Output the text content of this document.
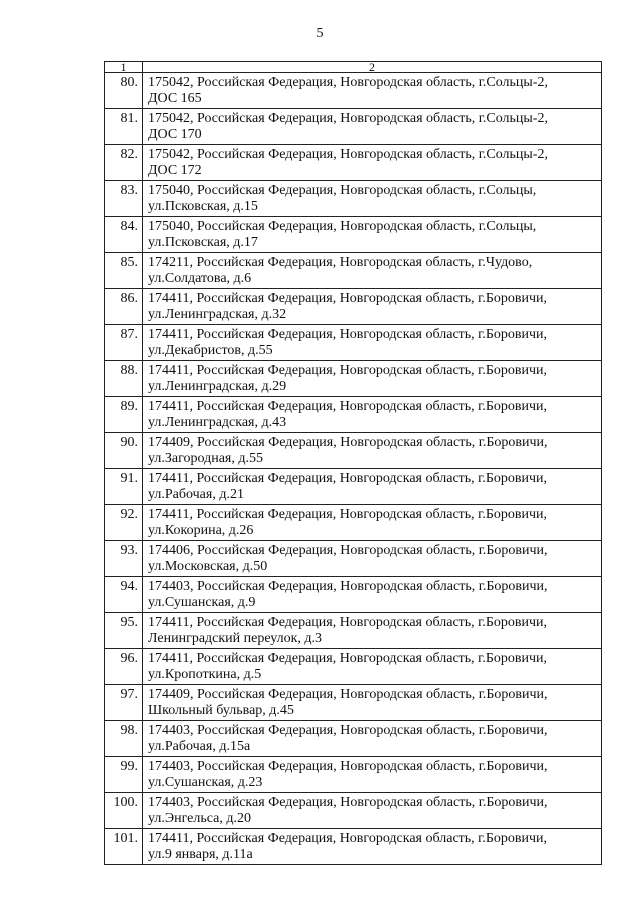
5
1	2
80.	175042, Российская Федерация, Новгородская область, г.Сольцы-2,
ДОС 165

81.	175042, Российская Федерация, Новгородская область, г.Сольцы-2,
ДОС 170

82.	175042, Российская Федерация, Новгородская область, г.Сольцы-2,
ДОС 172

83.	175040, Российская Федерация, Новгородская область, г.Сольцы,
ул.Псковская, д.15

84.	175040, Российская Федерация, Новгородская область, г.Сольцы,
ул.Псковская, д.17

85.	174211, Российская Федерация, Новгородская область, г.Чудово,
ул.Солдатова, д.6

86.	174411, Российская Федерация, Новгородская область, г.Боровичи,
ул.Ленинградская, д.32

87.	174411, Российская Федерация, Новгородская область, г.Боровичи,
ул.Декабристов, д.55

88.	174411, Российская Федерация, Новгородская область, г.Боровичи,
ул.Ленинградская, д.29

89.	174411, Российская Федерация, Новгородская область, г.Боровичи,
ул.Ленинградская, д.43

90.	174409, Российская Федерация, Новгородская область, г.Боровичи,
ул.Загородная, д.55

91.	174411, Российская Федерация, Новгородская область, г.Боровичи,
ул.Рабочая, д.21

92.	174411, Российская Федерация, Новгородская область, г.Боровичи,
ул.Кокорина, д.26

93.	174406, Российская Федерация, Новгородская область, г.Боровичи,
ул.Московская, д.50

94.	174403, Российская Федерация, Новгородская область, г.Боровичи,
ул.Сушанская, д.9

95.	174411, Российская Федерация, Новгородская область, г.Боровичи,
Ленинградский переулок, д.3

96.	174411, Российская Федерация, Новгородская область, г.Боровичи,
ул.Кропоткина, д.5

97.	174409, Российская Федерация, Новгородская область, г.Боровичи,
Школьный бульвар, д.45

98.	174403, Российская Федерация, Новгородская область, г.Боровичи,
ул.Рабочая, д.15а

99.	174403, Российская Федерация, Новгородская область, г.Боровичи,
ул.Сушанская, д.23

100.	174403, Российская Федерация, Новгородская область, г.Боровичи,
ул.Энгельса, д.20

101.	174411, Российская Федерация, Новгородская область, г.Боровичи,
ул.9 января, д.11а
